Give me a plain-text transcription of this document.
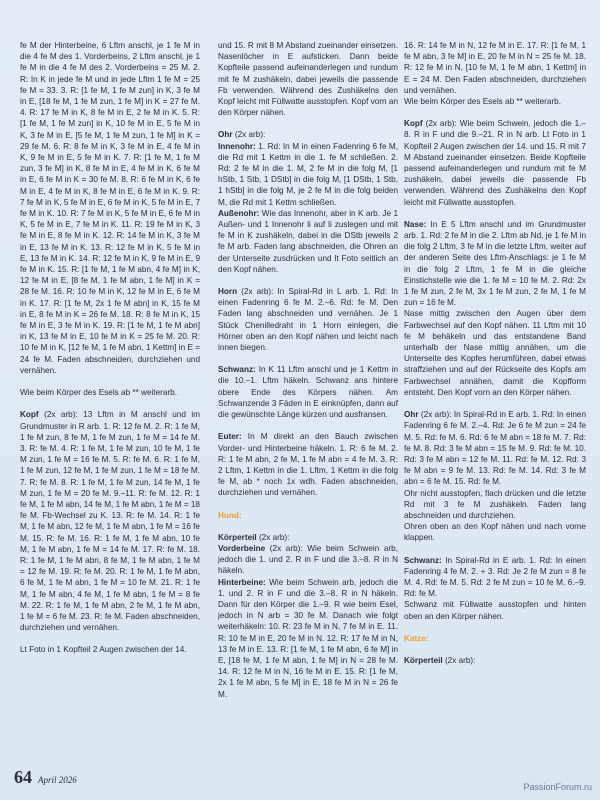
fe M der Hinterbeine, 6 Lftm anschl, je 1 fe M in die 4 fe M des 1. Vorderbeins, 2 Lftm anschl, je 1 fe M in die 4 fe M des 2. Vorderbeins = 25 M. 2. R: In K in jede fe M und in jede Lftm 1 fe M = 25 fe M = 33. 3. R: [1 fe M, 1 fe M zun] in K, 3 fe M in E, [18 fe M, 1 fe M zun, 1 fe M] in K = 27 fe M. 4. R: 17 fe M in K, 8 fe M in E, 2 fe M in K. 5. R: [1 fe M, 1 fe M zun] in K, 10 fe M in E, 5 fe M in K, 3 fe M in E, [5 fe M, 1 fe M zun, 1 fe M] in K = 29 fe M. 6. R: 8 fe M in K, 3 fe M in E, 4 fe M in K, 9 fe M in E, 5 fe M in K. 7. R: [1 fe M, 1 fe M zun, 3 fe M] in K, 8 fe M in E, 4 fe M in K, 6 fe M in E, 6 fe M in K = 30 fe M. 8. R: 6 fe M in K, 6 fe M in E, 4 fe M in K, 8 fe M in E, 6 fe M in K. 9. R: 7 fe M in K, 5 fe M in E, 6 fe M in K, 5 fe M in E, 7 fe M in K. 10. R: 7 fe M in K, 5 fe M in E, 6 fe M in K, 5 fe M in E, 7 fe M in K. 11. R: 19 fe M in K, 3 fe M in E, 8 fe M in K. 12. R: 14 fe M in K, 3 fe M in E, 13 fe M in K. 13. R: 12 fe M in K, 5 fe M in E, 13 fe M in K. 14. R: 12 fe M in K, 9 fe M in E, 9 fe M in K. 15. R: [1 fe M, 1 fe M abn, 4 fe M] in K, 12 fe M in E, [8 fe M, 1 fe M abn, 1 fe M] in K = 28 fe M. 16. R: 10 fe M in K, 12 fe M in E, 6 fe M in K. 17. R: [1 fe M, 2x 1 fe M abn] in K, 15 fe M in E, 8 fe M in K = 26 fe M. 18. R: 8 fe M in K, 15 fe M in E, 3 fe M in K. 19. R: [1 fe M, 1 fe M abn] in K, 13 fe M in E, 10 fe M in K = 25 fe M. 20. R: 10 fe M in K, [12 fe M, 1 fe M abn, 1 Kettm] in E = 24 fe M. Faden abschneiden, durchziehen und vernähen.

Wie beim Körper des Esels ab ** weiterarb.

Kopf (2x arb): 13 Lftm in M anschl und im Grundmuster in R arb. 1. R: 12 fe M. 2. R: 1 fe M, 1 fe M zun, 8 fe M, 1 fe M zun, 1 fe M = 14 fe M. 3. R: fe M. 4. R: 1 fe M, 1 fe M zun, 10 fe M, 1 fe M zun, 1 fe M = 16 fe M. 5. R: fe M. 6. R: 1 fe M, 1 fe M zun, 12 fe M, 1 fe M zun, 1 fe M = 18 fe M. 7. R: fe M. 8. R: 1 fe M, 1 fe M zun, 14 fe M, 1 fe M zun, 1 fe M = 20 fe M. 9.–11. R: fe M. 12. R: 1 fe M, 1 fe M abn, 14 fe M, 1 fe M abn, 1 fe M = 18 fe M. Fb-Wechsel zu K. 13. R: fe M. 14. R: 1 fe M, 1 fe M abn, 12 fe M, 1 fe M abn, 1 fe M = 16 fe M. 15. R: fe M. 16. R: 1 fe M, 1 fe M abn, 10 fe M, 1 fe M abn, 1 fe M = 14 fe M. 17. R: fe M. 18. R: 1 fe M, 1 fe M abn, 8 fe M, 1 fe M abn, 1 fe M = 12 fe M. 19. R: fe M. 20. R: 1 fe M, 1 fe M abn, 6 fe M, 1 fe M abn, 1 fe M = 10 fe M. 21. R: 1 fe M, 1 fe M abn, 4 fe M, 1 fe M abn, 1 fe M = 8 fe M. 22. R: 1 fe M, 1 fe M abn, 2 fe M, 1 fe M abn, 1 fe M = 6 fe M. 23. R: fe M. Faden abschneiden, durchziehen und vernähen.

Lt Foto in 1 Kopfteil 2 Augen zwischen der 14.

und 15. R mit 8 M Abstand zueinander einsetzen. Nasenlöcher in E aufsticken. Dann beide Kopfteile passend aufeinanderlegen und rundum mit fe M zushäkeln, dabei jeweils die passende Fb verwenden. Während des Zushäkelns den Kopf leicht mit Füllwatte ausstopfen. Kopf vorn an den Körper nähen.

Ohr (2x arb):

Innenohr: 1. Rd: In M in einen Fadenring 6 fe M, die Rd mit 1 Kettm in die 1. fe M schließen. 2. Rd: 2 fe M in die 1. M, 2 fe M in die folg M, [1 hStb, 1 Stb, 1 DStb] in die folg M, [1 DStb, 1 Stb, 1 hStb] in die folg M, je 2 fe M in die folg beiden M, die Rd mit 1 Kettm schließen.

Außenohr: Wie das Innenohr, aber in K arb. Je 1 Außen- und 1 Innenohr li auf li zuslegen und mit fe M in K zushäkeln, dabei in die DStb jeweils 2 fe M arb. Faden lang abschneiden, die Ohren an der Unterseite zusdrücken und lt Foto seitlich an den Kopf nähen.

Horn (2x arb): In Spiral-Rd in L arb. 1. Rd: In einen Fadenring 6 fe M. 2.–6. Rd: fe M. Den Faden lang abschneiden und vernähen. Je 1 Stück Chenilledraht in 1 Horn einlegen, die Hörner oben an den Kopf nähen und leicht nach innen biegen.

Schwanz: In K 11 Lftm anschl und je 1 Kettm in die 10.–1. Lftm häkeln. Schwanz ans hintere obere Ende des Körpers nähen. Am Schwanzende 3 Fäden in E einknüpfen, dann auf die gewünschte Länge kürzen und ausfransen.

Euter: In M direkt an den Bauch zwischen Vorder- und Hinterbeine häkeln. 1. R: 6 fe M. 2. R: 1 fe M abn, 2 fe M, 1 fe M abn = 4 fe M. 3. R: 2 Lftm, 1 Kettm in die 1. Lftm, 1 Kettm in die folg fe M, ab * noch 1x wdh. Faden abschneiden, durchziehen und vernähen.

Hund:

Körperteil (2x arb):

Vorderbeine (2x arb): Wie beim Schwein arb, jedoch die 1. und 2. R in F und die 3.–8. R in N häkeln.

Hinterbeine: Wie beim Schwein arb, jedoch die 1. und 2. R in F und die 3.–8. R in N häkeln. Dann für den Körper die 1.–9. R wie beim Esel, jedoch in N arb = 30 fe M. Danach wie folgt weiterhäkeln: 10. R: 23 fe M in N, 7 fe M in E. 11. R: 10 fe M in E, 20 fe M in N. 12. R: 17 fe M in N, 13 fe M in E. 13. R: [1 fe M, 1 fe M abn, 6 fe M] in E, [18 fe M, 1 fe M abn, 1 fe M] in N = 28 fe M. 14. R: 12 fe M in N, 16 fe M in E. 15. R: [1 fe M, 2x 1 fe M abn, 5 fe M] in E, 18 fe M in N = 26 fe M.

16. R: 14 fe M in N, 12 fe M in E. 17. R: [1 fe M, 1 fe M abn, 3 fe M] in E, 20 fe M in N = 25 fe M. 18. R: 12 fe M in N, [10 fe M, 1 fe M abn, 1 Kettm] in E = 24 M. Den Faden abschneiden, durchziehen und vernähen.

Wie beim Körper des Esels ab ** weiterarb.

Kopf (2x arb): Wie beim Schwein, jedoch die 1.–8. R in F und die 9.–21. R in N arb. Lt Foto in 1 Kopfteil 2 Augen zwischen der 14. und 15. R mit 7 M Abstand zueinander einsetzen. Beide Kopfteile passend aufeinanderlegen und rundum mit fe M zushäkeln, dabei jeweils die passende Fb verwenden. Während des Zushäkelns den Kopf leicht mit Füllwatte ausstopfen.

Nase: In E 5 Lftm anschl und im Grundmuster arb. 1. Rd: 2 fe M in die 2. Lftm ab Nd, je 1 fe M in die folg 2 Lftm, 3 fe M in die letzte Lftm, weiter auf der anderen Seite des Lftm-Anschlags: je 1 fe M in die folg 2 Lftm, 1 fe M in die gleiche Einstichstelle wie die 1. fe M = 10 fe M. 2. Rd: 2x 1 fe M zun, 2 fe M, 3x 1 fe M zun, 2 fe M, 1 fe M zun = 16 fe M.

Nase mittig zwischen den Augen über dem Farbwechsel auf den Kopf nähen. 11 Lftm mit 10 fe M behäkeln und das entstandene Band unterhalb der Nase mittig annähen, um die Unterseite des Kopfes herumführen, dabei etwas straffziehen und auf der Rückseite des Kopfs am Farbwechsel annähen, damit die Kopfform entsteht. Den Kopf vorn an den Körper nähen.

Ohr (2x arb): In Spiral-Rd in E arb. 1. Rd: In einen Fadenring 6 fe M. 2.–4. Rd: Je 6 fe M zun = 24 fe M. 5. Rd: fe M. 6. Rd: 6 fe M abn = 18 fe M. 7. Rd: fe M. 8. Rd: 3 fe M abn = 15 fe M. 9. Rd: fe M. 10. Rd: 3 fe M abn = 12 fe M. 11. Rd: fe M. 12. Rd: 3 fe M abn = 9 fe M. 13. Rd: fe M. 14. Rd: 3 fe M abn = 6 fe M. 15. Rd: fe M.

Ohr nicht ausstopfen, flach drücken und die letzte Rd mit 3 fe M zushäkeln. Faden lang abschneiden und durchziehen.

Ohren oben an den Kopf nähen und nach vorne klappen.

Schwanz: In Spiral-Rd in E arb. 1. Rd: In einen Fadenring 4 fe M. 2. + 3. Rd: Je 2 fe M zun = 8 fe M. 4. Rd: fe M. 5. Rd: 2 fe M zun = 10 fe M. 6.–9. Rd: fe M.

Schwanz mit Füllwatte ausstopfen und hinten oben an den Körper nähen.

Katze:

Körperteil (2x arb):

64 April 2026
PassionForum.ru
